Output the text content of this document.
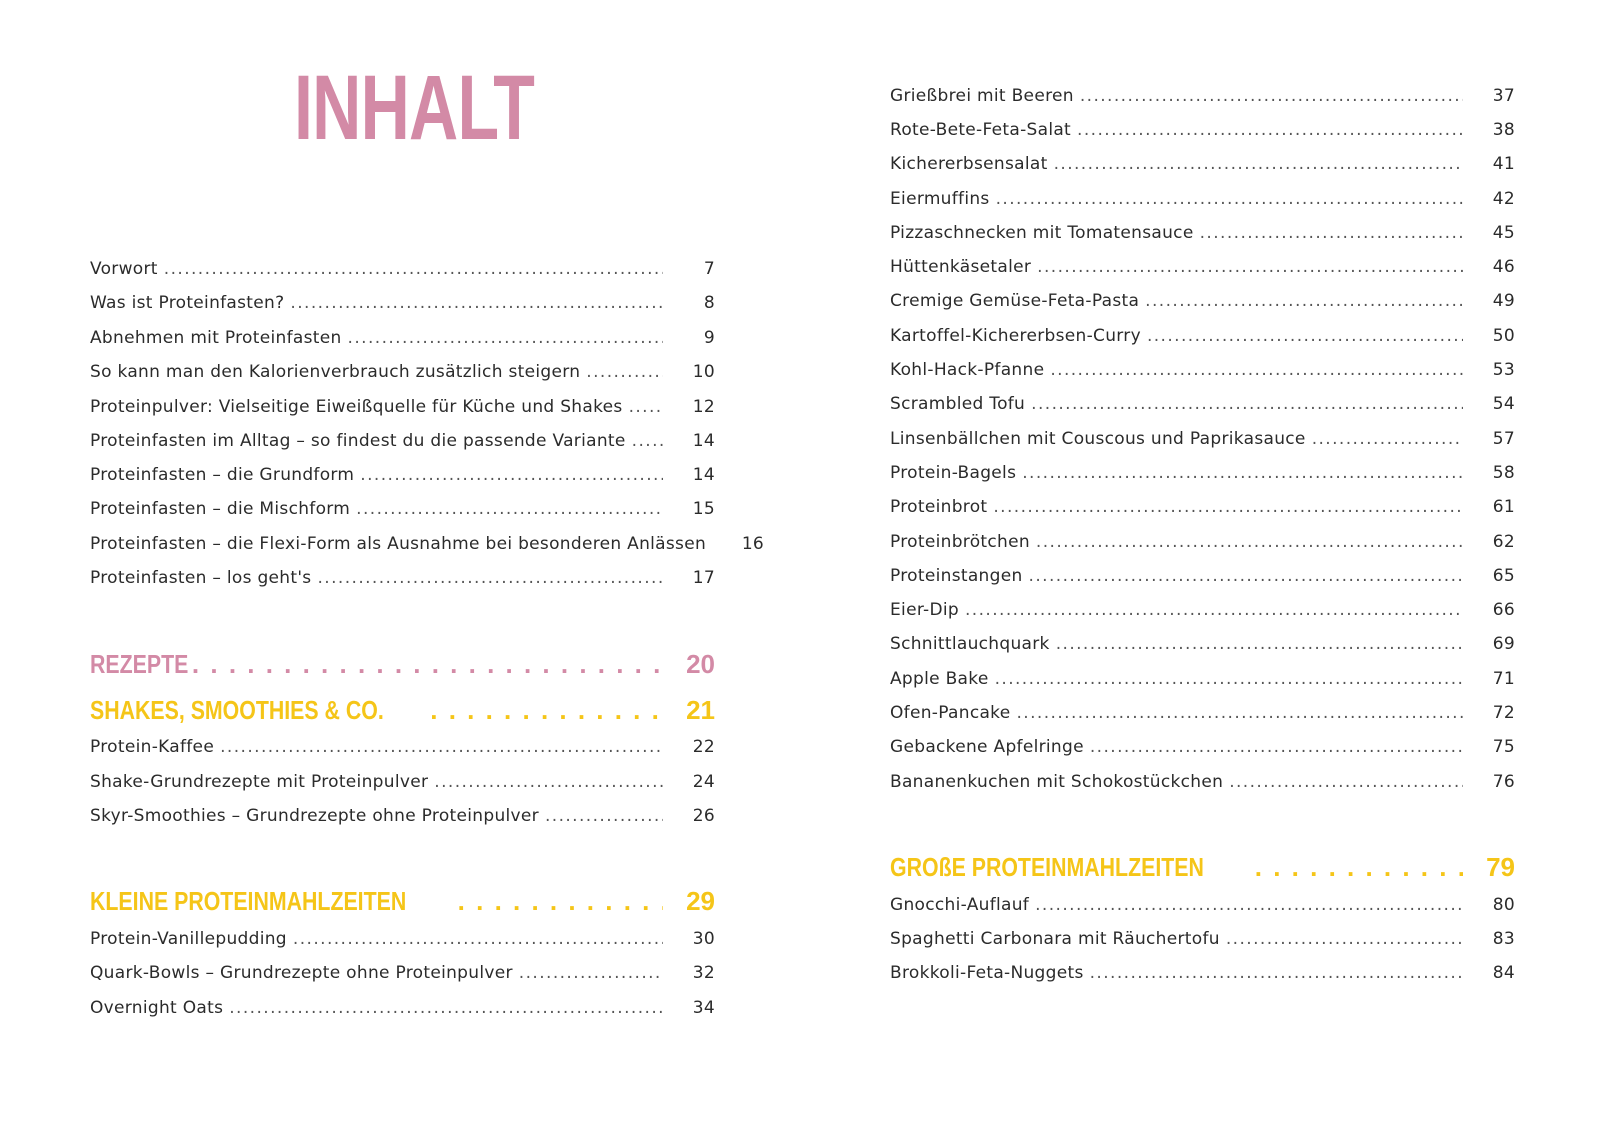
INHALT
Vorwort . . .	7
Was ist Proteinfasten? . . .	8
Abnehmen mit Proteinfasten . . .	9
So kann man den Kalorienverbrauch zusätzlich steigern . . .	10
Proteinpulver: Vielseitige Eiweißquelle für Küche und Shakes . . .	12
Proteinfasten im Alltag – so findest du die passende Variante . . .	14
Proteinfasten – die Grundform . . .	14
Proteinfasten – die Mischform . . .	15
Proteinfasten – die Flexi-Form als Ausnahme bei besonderen Anlässen	16
Proteinfasten – los geht's . . .	17
REZEPTE . . .	20
SHAKES, SMOOTHIES & CO. . . .	21
Protein-Kaffee . . .	22
Shake-Grundrezepte mit Proteinpulver . . .	24
Skyr-Smoothies – Grundrezepte ohne Proteinpulver . . .	26
KLEINE PROTEINMAHLZEITEN . . .	29
Protein-Vanillepudding . . .	30
Quark-Bowls – Grundrezepte ohne Proteinpulver . . .	32
Overnight Oats . . .	34
Grießbrei mit Beeren . . .	37
Rote-Bete-Feta-Salat . . .	38
Kichererbsensalat . . .	41
Eiermuffins . . .	42
Pizzaschnecken mit Tomatensauce . . .	45
Hüttenkäsetaler . . .	46
Cremige Gemüse-Feta-Pasta . . .	49
Kartoffel-Kichererbsen-Curry . . .	50
Kohl-Hack-Pfanne . . .	53
Scrambled Tofu . . .	54
Linsenbällchen mit Couscous und Paprikasauce . . .	57
Protein-Bagels . . .	58
Proteinbrot . . .	61
Proteinbrötchen . . .	62
Proteinstangen . . .	65
Eier-Dip . . .	66
Schnittlauchquark . . .	69
Apple Bake . . .	71
Ofen-Pancake . . .	72
Gebackene Apfelringe . . .	75
Bananenkuchen mit Schokostückchen . . .	76
GROßE PROTEINMAHLZEITEN . . .	79
Gnocchi-Auflauf . . .	80
Spaghetti Carbonara mit Räuchertofu . . .	83
Brokkoli-Feta-Nuggets . . .	84
